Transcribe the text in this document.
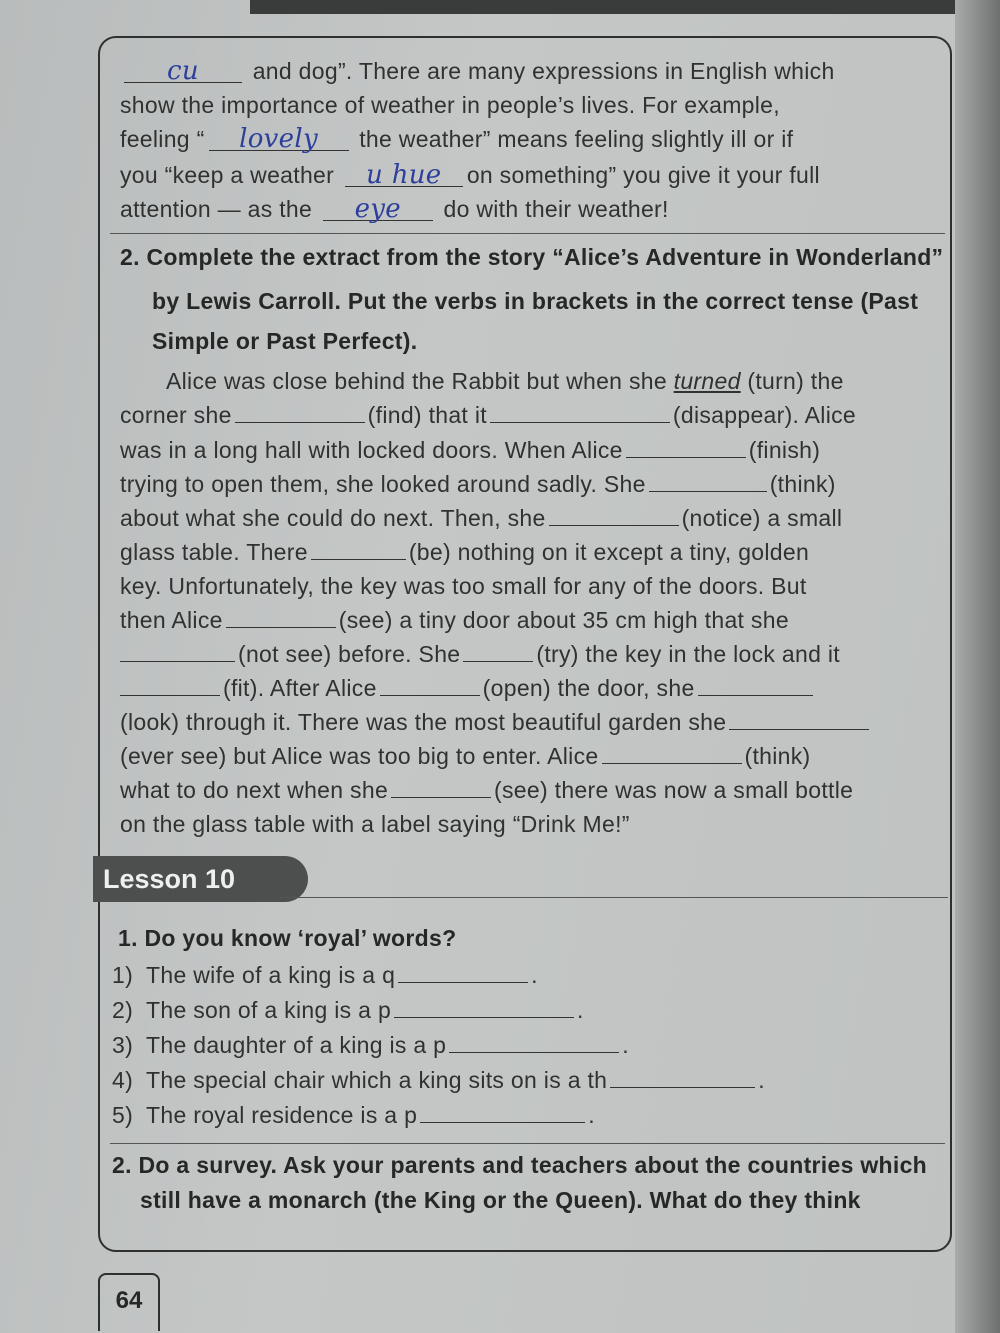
cu and dog”. There are many expressions in English which
show the importance of weather in people’s lives. For example,
feeling “ lovely the weather” means feeling slightly ill or if
you “keep a weather u hue on something” you give it your full
attention — as the eye do with their weather!
2. Complete the extract from the story “Alice’s Adventure in Wonderland”
by Lewis Carroll. Put the verbs in brackets in the correct tense (Past
Simple or Past Perfect).
Alice was close behind the Rabbit but when she turned (turn) the
corner she	(find) that it	(disappear). Alice
was in a long hall with locked doors. When Alice	(finish)
trying to open them, she looked around sadly. She	(think)
about what she could do next. Then, she	(notice) a small
glass table. There	(be) nothing on it except a tiny, golden
key. Unfortunately, the key was too small for any of the doors. But
then Alice	(see) a tiny door about 35 cm high that she
(not see) before. She	(try) the key in the lock and it
(fit). After Alice	(open) the door, she
(look) through it. There was the most beautiful garden she
(ever see) but Alice was too big to enter. Alice	(think)
what to do next when she	(see) there was now a small bottle
on the glass table with a label saying “Drink Me!”
Lesson 10
1. Do you know ‘royal’ words?
1) The wife of a king is a q	.
2) The son of a king is a p	.
3) The daughter of a king is a p	.
4) The special chair which a king sits on is a th	.
5) The royal residence is a p	.
2. Do a survey. Ask your parents and teachers about the countries which
still have a monarch (the King or the Queen). What do they think
64
